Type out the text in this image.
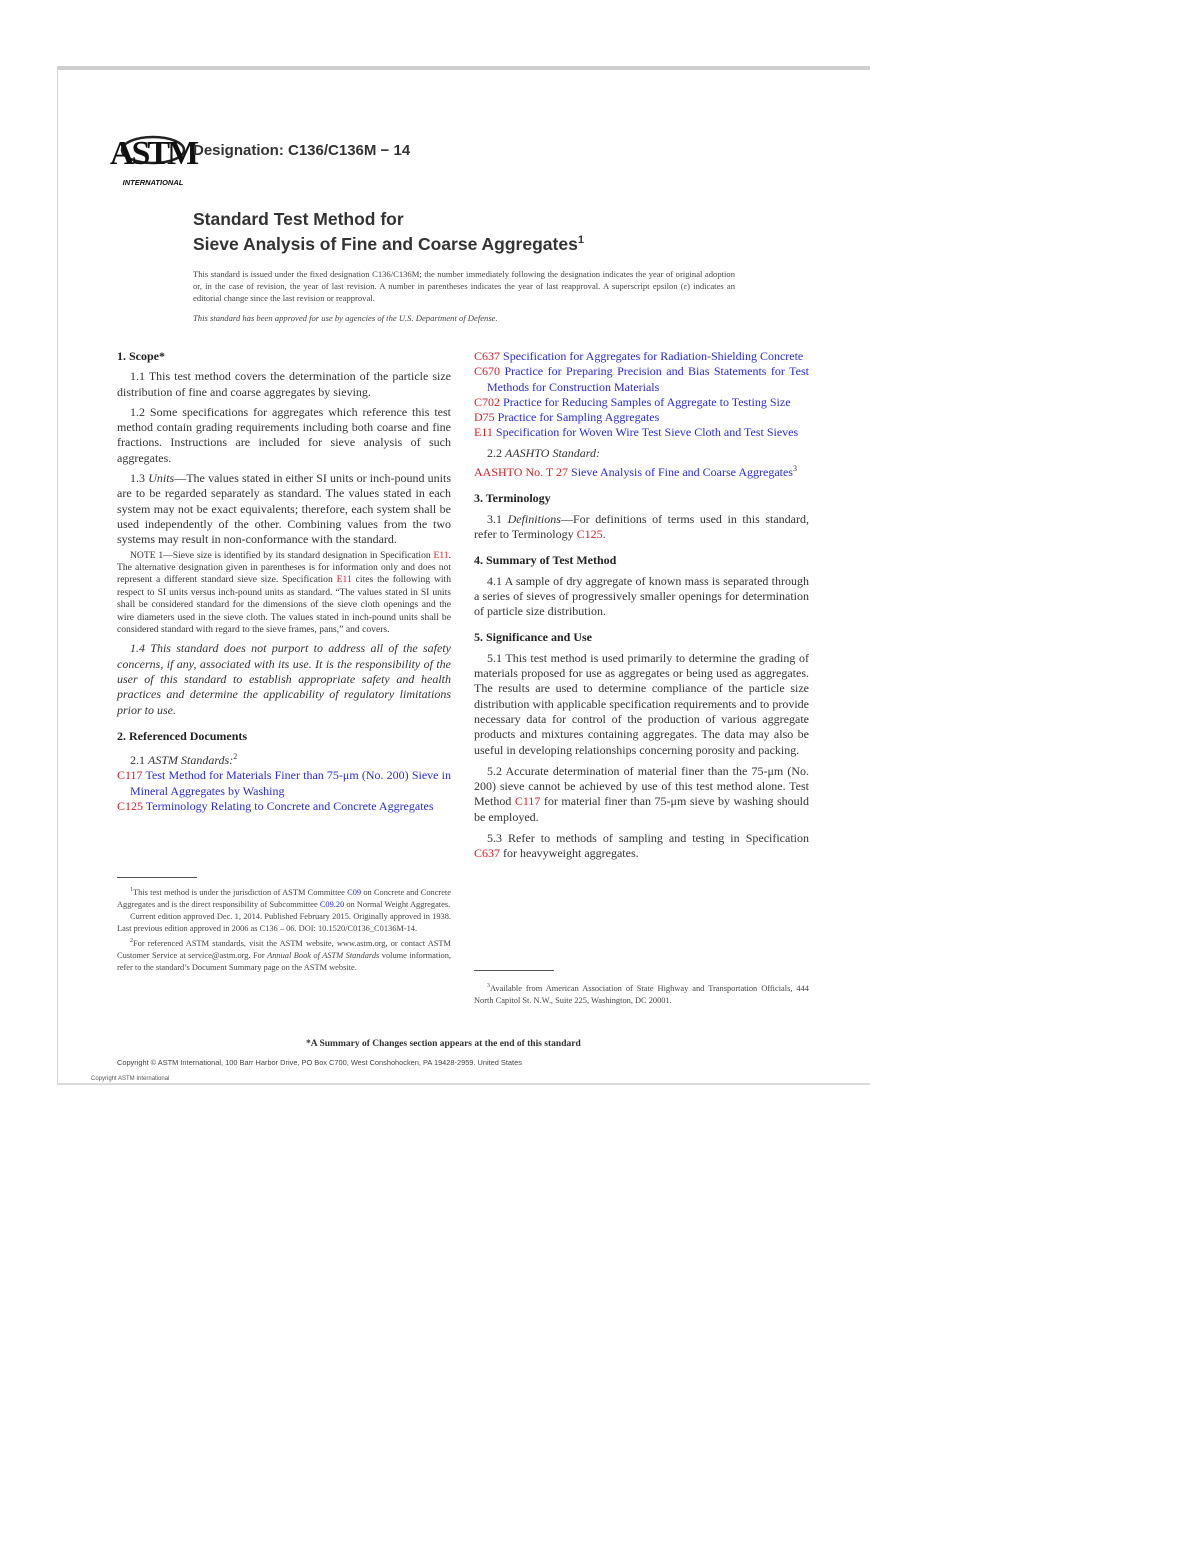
ASTM
INTERNATIONAL
Designation: C136/C136M − 14
Standard Test Method for
Sieve Analysis of Fine and Coarse Aggregates$^1$
This standard is issued under the fixed designation C136/C136M; the number immediately following the designation indicates the year of original adoption or, in the case of revision, the year of last revision. A number in parentheses indicates the year of last reapproval. A superscript epsilon (ε) indicates an editorial change since the last revision or reapproval.
This standard has been approved for use by agencies of the U.S. Department of Defense.
1. Scope*

1.1 This test method covers the determination of the particle size distribution of fine and coarse aggregates by sieving.

1.2 Some specifications for aggregates which reference this test method contain grading requirements including both coarse and fine fractions. Instructions are included for sieve analysis of such aggregates.

1.3 Units—The values stated in either SI units or inch-pound units are to be regarded separately as standard. The values stated in each system may not be exact equivalents; therefore, each system shall be used independently of the other. Combining values from the two systems may result in non-conformance with the standard.

NOTE 1—Sieve size is identified by its standard designation in Specification E11. The alternative designation given in parentheses is for information only and does not represent a different standard sieve size. Specification E11 cites the following with respect to SI units versus inch-pound units as standard. “The values stated in SI units shall be considered standard for the dimensions of the sieve cloth openings and the wire diameters used in the sieve cloth. The values stated in inch-pound units shall be considered standard with regard to the sieve frames, pans,” and covers.

1.4 This standard does not purport to address all of the safety concerns, if any, associated with its use. It is the responsibility of the user of this standard to establish appropriate safety and health practices and determine the applicability of regulatory limitations prior to use.

2. Referenced Documents

2.1 ASTM Standards:$^2$

C117 Test Method for Materials Finer than 75-μm (No. 200) Sieve in Mineral Aggregates by Washing
C125 Terminology Relating to Concrete and Concrete Aggregates

$^1$This test method is under the jurisdiction of ASTM Committee C09 on Concrete and Concrete Aggregates and is the direct responsibility of Subcommittee C09.20 on Normal Weight Aggregates.

Current edition approved Dec. 1, 2014. Published February 2015. Originally approved in 1938. Last previous edition approved in 2006 as C136 – 06. DOI: 10.1520/C0136_C0136M-14.

$^2$For referenced ASTM standards, visit the ASTM website, www.astm.org, or contact ASTM Customer Service at service@astm.org. For Annual Book of ASTM Standards volume information, refer to the standard’s Document Summary page on the ASTM website.

C637 Specification for Aggregates for Radiation-Shielding Concrete
C670 Practice for Preparing Precision and Bias Statements for Test Methods for Construction Materials
C702 Practice for Reducing Samples of Aggregate to Testing Size
D75 Practice for Sampling Aggregates
E11 Specification for Woven Wire Test Sieve Cloth and Test Sieves

2.2 AASHTO Standard:

AASHTO No. T 27 Sieve Analysis of Fine and Coarse Aggregates$^3$
3. Terminology

3.1 Definitions—For definitions of terms used in this standard, refer to Terminology C125.

4. Summary of Test Method

4.1 A sample of dry aggregate of known mass is separated through a series of sieves of progressively smaller openings for determination of particle size distribution.

5. Significance and Use

5.1 This test method is used primarily to determine the grading of materials proposed for use as aggregates or being used as aggregates. The results are used to determine compliance of the particle size distribution with applicable specification requirements and to provide necessary data for control of the production of various aggregate products and mixtures containing aggregates. The data may also be useful in developing relationships concerning porosity and packing.

5.2 Accurate determination of material finer than the 75-μm (No. 200) sieve cannot be achieved by use of this test method alone. Test Method C117 for material finer than 75-μm sieve by washing should be employed.

5.3 Refer to methods of sampling and testing in Specification C637 for heavyweight aggregates.

$^3$Available from American Association of State Highway and Transportation Officials, 444 North Capitol St. N.W., Suite 225, Washington, DC 20001.

*A Summary of Changes section appears at the end of this standard
Copyright © ASTM International, 100 Barr Harbor Drive, PO Box C700, West Conshohocken, PA 19428-2959. United States
Copyright ASTM International
